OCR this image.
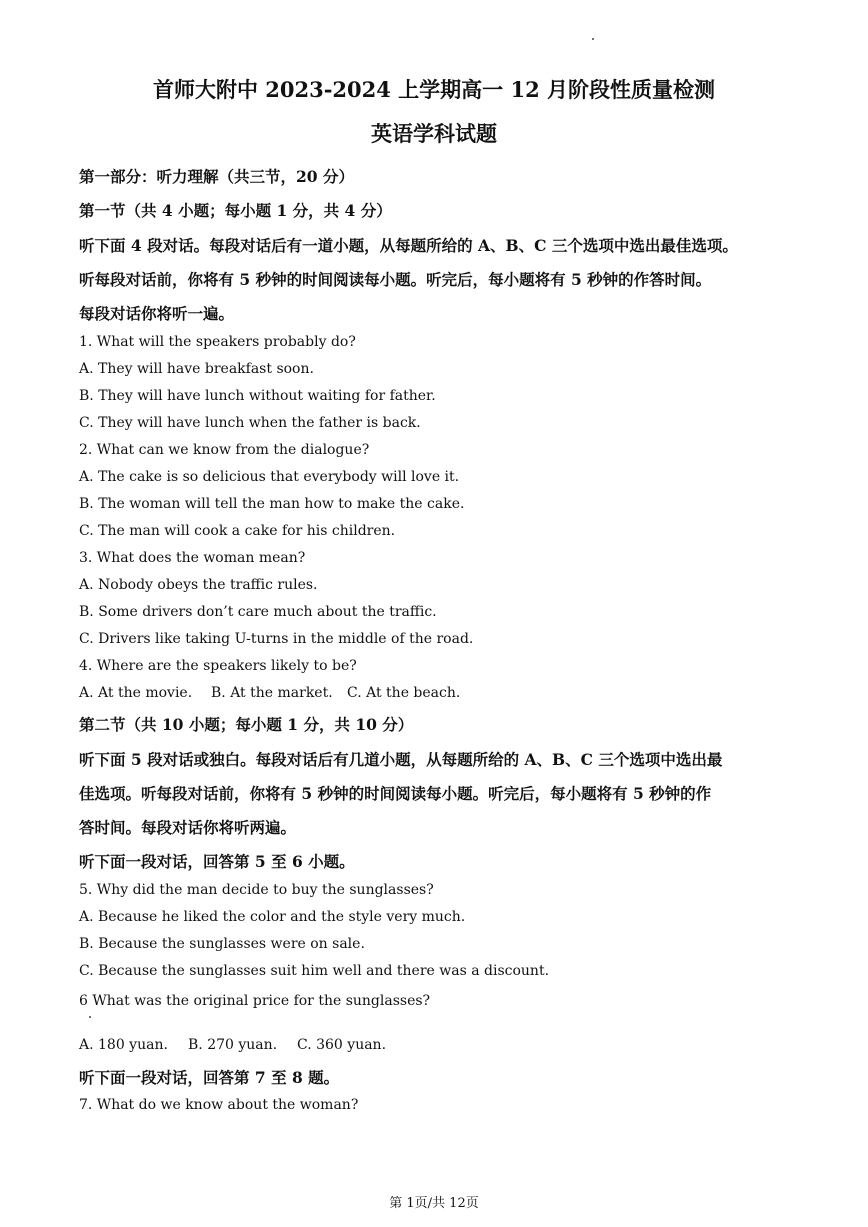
首师大附中 2023-2024 上学期高一 12 月阶段性质量检测
英语学科试题
第一部分：听力理解（共三节，20 分）
第一节（共 4 小题；每小题 1 分，共 4 分）
听下面 4 段对话。每段对话后有一道小题，从每题所给的 A、B、C 三个选项中选出最佳选项。
听每段对话前，你将有 5 秒钟的时间阅读每小题。听完后，每小题将有 5 秒钟的作答时间。
每段对话你将听一遍。
1. What will the speakers probably do?
A. They will have breakfast soon.
B. They will have lunch without waiting for father.
C. They will have lunch when the father is back.
2. What can we know from the dialogue?
A. The cake is so delicious that everybody will love it.
B. The woman will tell the man how to make the cake.
C. The man will cook a cake for his children.
3. What does the woman mean?
A. Nobody obeys the traffic rules.
B. Some drivers don’t care much about the traffic.
C. Drivers like taking U-turns in the middle of the road.
4. Where are the speakers likely to be?
A. At the movie. B. At the market. C. At the beach.
第二节（共 10 小题；每小题 1 分，共 10 分）
听下面 5 段对话或独白。每段对话后有几道小题，从每题所给的 A、B、C 三个选项中选出最
佳选项。听每段对话前，你将有 5 秒钟的时间阅读每小题。听完后，每小题将有 5 秒钟的作
答时间。每段对话你将听两遍。
听下面一段对话，回答第 5 至 6 小题。
5. Why did the man decide to buy the sunglasses?
A. Because he liked the color and the style very much.
B. Because the sunglasses were on sale.
C. Because the sunglasses suit him well and there was a discount.
6 What was the original price for the sunglasses?
A. 180 yuan. B. 270 yuan. C. 360 yuan.
听下面一段对话，回答第 7 至 8 题。
7. What do we know about the woman?
第 1页/共 12页
